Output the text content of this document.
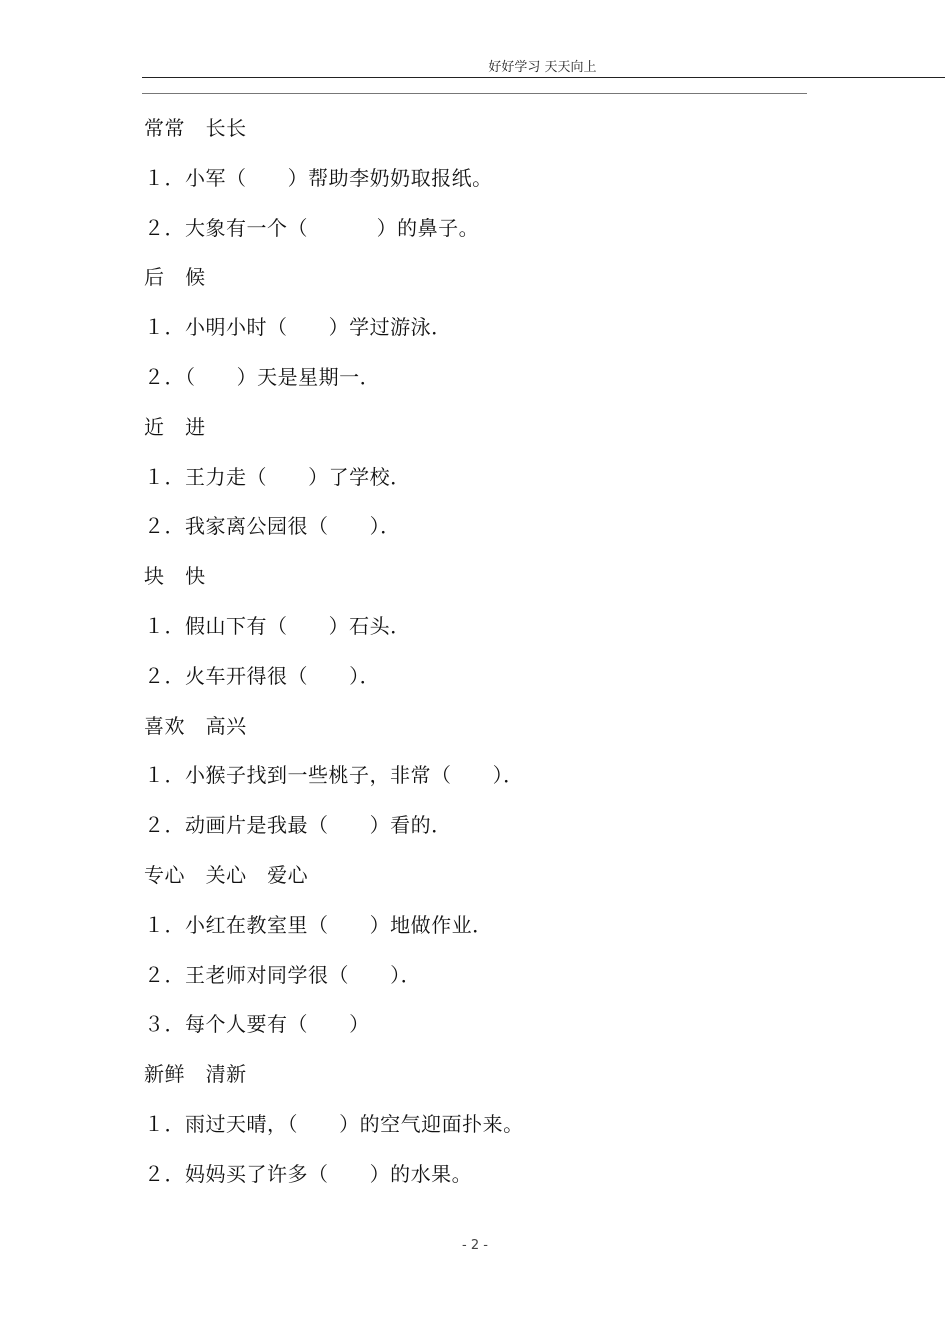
好好学习 天天向上
常常   长长
１．小军（      ）帮助李奶奶取报纸。
２．大象有一个（          ）的鼻子。
后   候
１．小明小时（      ）学过游泳．
２．（      ）天是星期一．
近   进
１．王力走（      ）了学校．
２．我家离公园很（      ）．
块   快
１．假山下有（      ）石头．
２．火车开得很（      ）．
喜欢   高兴
１．小猴子找到一些桃子，非常（      ）．
２．动画片是我最（      ）看的．
专心   关心   爱心
１．小红在教室里（      ）地做作业．
２．王老师对同学很（      ）．
３．每个人要有（      ）
新鲜   清新
１．雨过天晴，（      ）的空气迎面扑来。
２．妈妈买了许多（      ）的水果。
- 2 -
